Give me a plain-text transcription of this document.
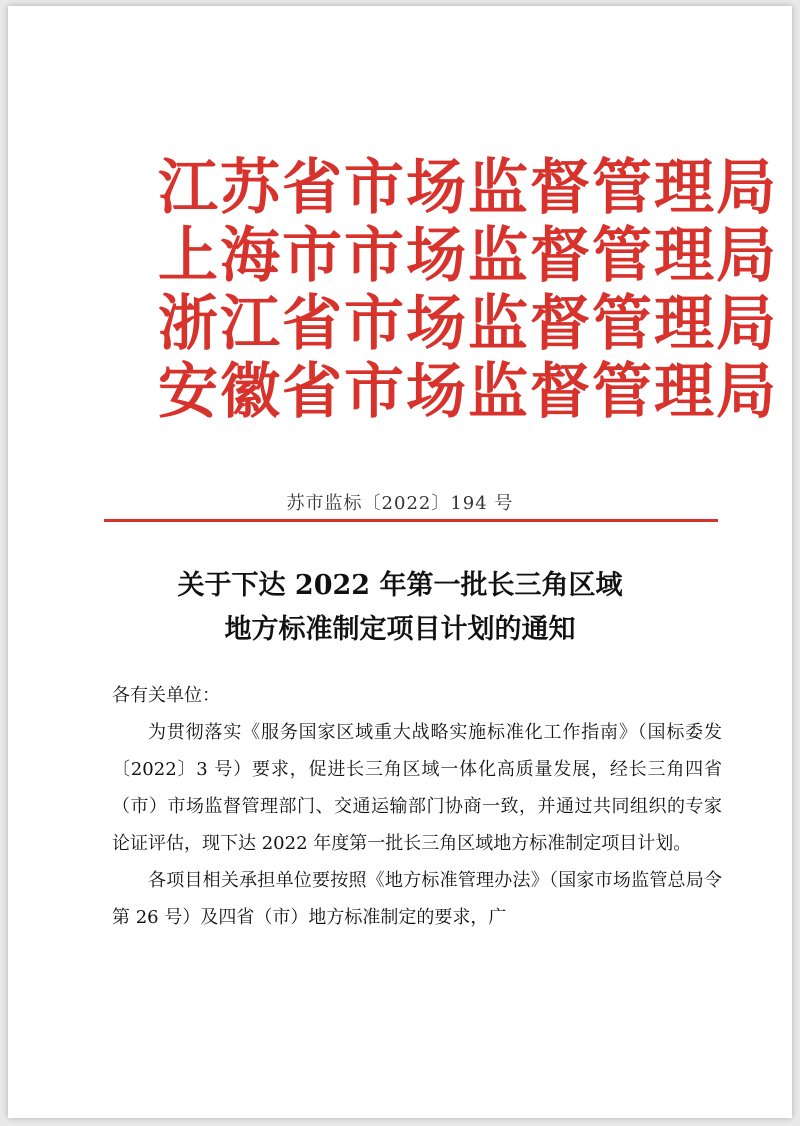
江苏省市场监督管理局
上海市市场监督管理局
浙江省市场监督管理局
安徽省市场监督管理局
苏市监标〔2022〕194 号
关于下达 2022 年第一批长三角区域
地方标准制定项目计划的通知

各有关单位：

为贯彻落实《服务国家区域重大战略实施标准化工作指南》（国标委发〔2022〕3 号）要求，促进长三角区域一体化高质量发展，经长三角四省（市）市场监督管理部门、交通运输部门协商一致，并通过共同组织的专家论证评估，现下达 2022 年度第一批长三角区域地方标准制定项目计划。

各项目相关承担单位要按照《地方标准管理办法》（国家市场监管总局令第 26 号）及四省（市）地方标准制定的要求，广
